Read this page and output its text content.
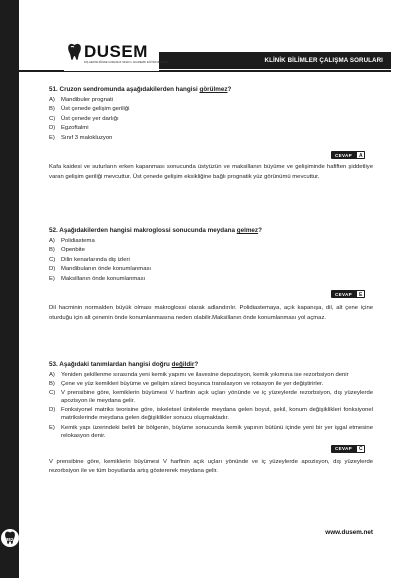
KLİNİK BİLİMLER ÇALIŞMA SORULARI
DUSEM
DİŞ HEKİMLİĞİNDE UZMANLIK SINAVI • AKADEMİK EĞİTİM MERKEZİ

51. Cruzon sendromunda aşağıdakilerden hangisi görülmez?

A)	Mandibuler prognati
B)	Üst çenede gelişim geriliği
C) Üst çenede yer darlığı
D) Egzoftalmi
E)	Sınıf 3 malokluzyon
CEVAP A

Kafa kaidesi ve suturların erken kapanması sonucunda üstyüzün ve maksillanın büyüme ve gelişiminde hafiften şiddetliye varan gelişim geriliği mevcuttur. Üst çenede gelişim eksikliğine bağlı prognatik yüz görünümü mevcuttur.

52. Aşağıdakilerden hangisi makroglossi sonucunda meydana gelmez?

A)	Polidiastema
B)	Openbite
C) Dilin kenarlarında diş izleri
D) Mandibulanın önde konumlanması
E)	Maksillanın önde konumlanması
CEVAP E

Dil hacminin normalden büyük olması makroglossi olarak adlandırılır. Polidiastemaya, açık kapanışa, dil, alt çene içine oturduğu için alt çenenin önde konumlanmasına neden olabilir.Maksillanın önde konumlanması yol açmaz.

53. Aşağıdaki tanımlardan hangisi doğru değildir?

A)	Yeniden şekillenme sırasında yeni kemik yapımı ve ilavesine depozisyon, kemik yıkımına ise rezorbsiyon denir
B)	Çene ve yüz kemikleri büyüme ve gelişim süreci boyunca translasyon ve rotasyon ile yer değiştirirler.
C) V prensibine göre, kemiklerin büyümesi V harfinin açık uçları yönünde ve iç yüzeylerde rezorbsiyon, dış yüzeylerde apozisyon ile meydana gelir.
D) Fonksiyonel matriks teorisine göre, iskeletsel ünitelerde meydana gelen boyut, şekil, konum değişiklikleri fonksiyonel matrikslerinde meydana gelen değişiklikler sonucu oluşmaktadır.
E)	Kemik yapı üzerindeki belirli bir bölgenin, büyüme sonucunda kemik yapının bütünü içinde yeni bir yer işgal etmesine relokasyon denir.
CEVAP C

V prensibine göre, kemiklerin büyümesi V harfinin açık uçları yönünde ve iç yüzeylerde apozisyon, dış yüzeylerde rezorbsiyon ile ve tüm boyutlarda artış göstererek meydana gelir.

382
www.dusem.net
